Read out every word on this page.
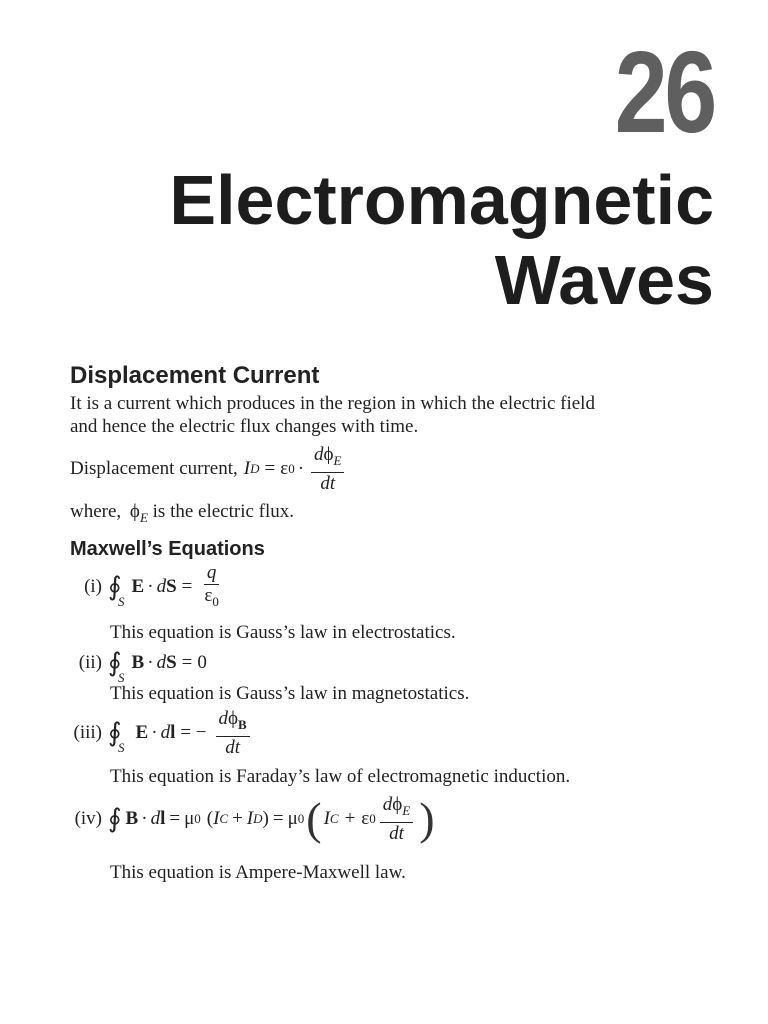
26
Electromagnetic
Waves
Displacement Current
It is a current which produces in the region in which the electric field
and hence the electric flux changes with time.
Displacement current, I D = ε $0 \cdot \frac{d\phi_E}{dt}$
where, $\phi_E$ is the electric flux.
Maxwell’s Equations
(i) ∮
S
E · d $S = \frac{q}{\varepsilon_0}$
This equation is Gauss’s law in electrostatics.
(ii) ∮
S
B · d S = 0
This equation is Gauss’s law in magnetostatics.
(iii) ∮
S
E · d l = − $\frac{d\phi_B}{dt}$
This equation is Faraday’s law of electromagnetic induction.
(iv) ∮ B · d l = μ 0 ( I C + I D ) = μ 0 ( I C + ε $0 \frac{d\phi_E}{dt}$ )
This equation is Ampere-Maxwell law.
